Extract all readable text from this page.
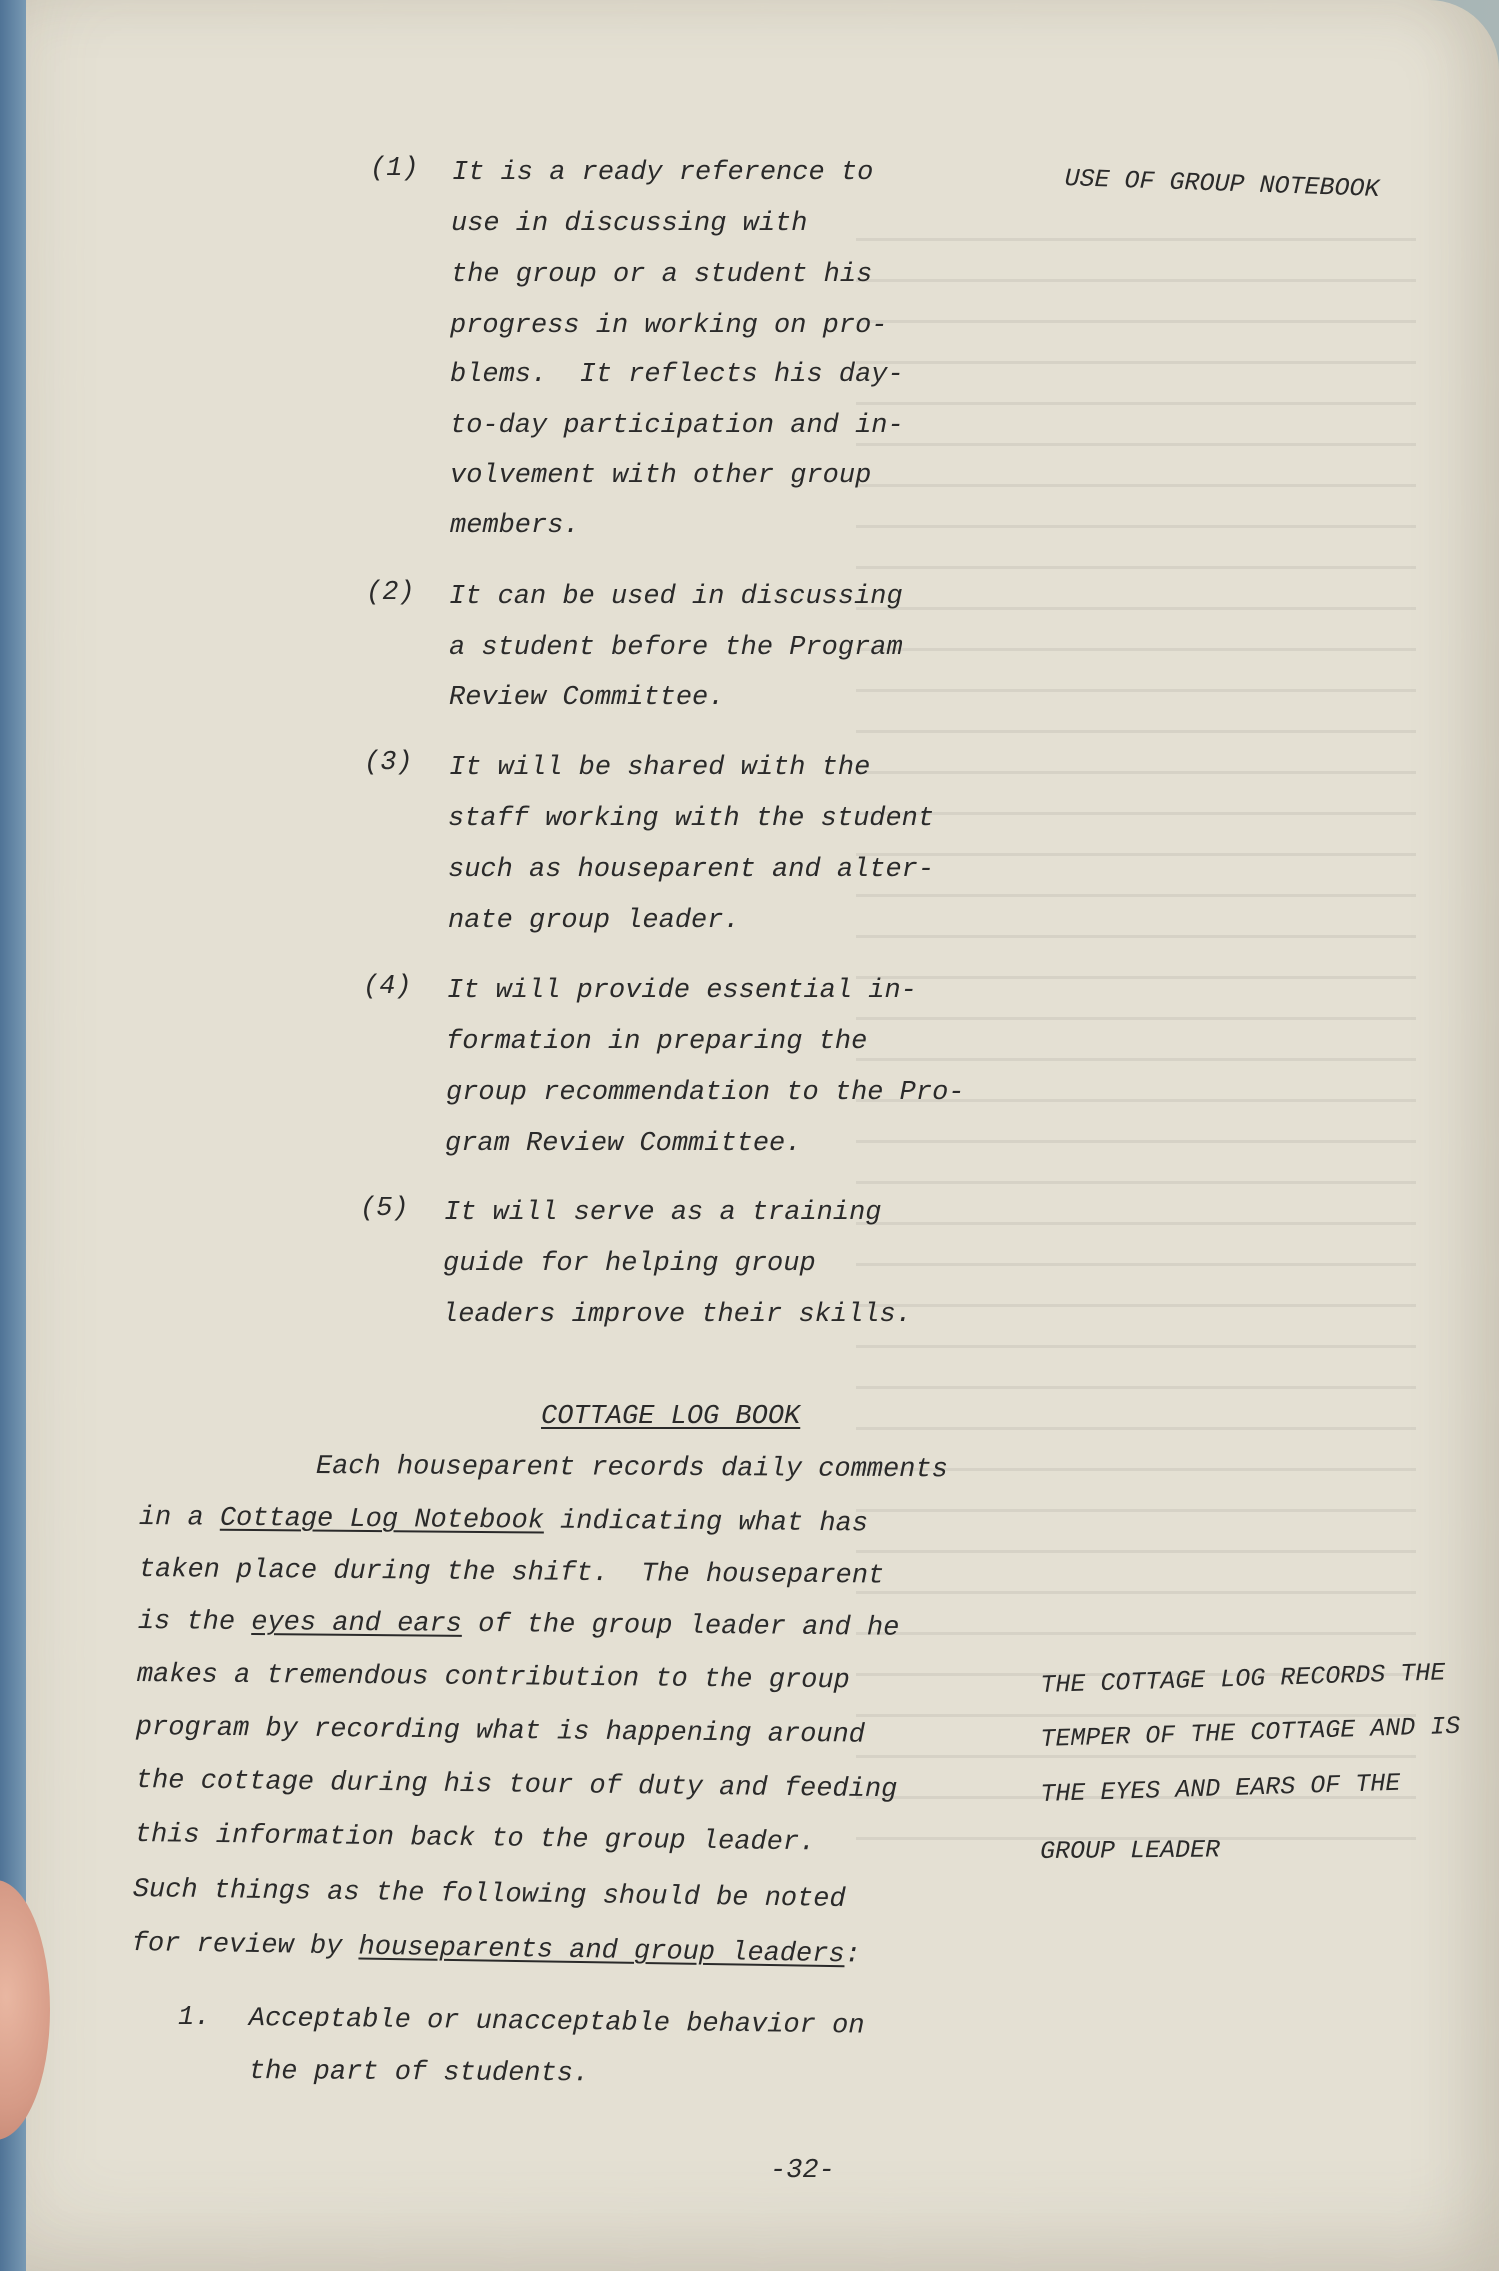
USE OF GROUP NOTEBOOK
(1) It is a ready reference to
use in discussing with
the group or a student his
progress in working on pro-
blems.  It reflects his day-
to-day participation and in-
volvement with other group
members.
(2) It can be used in discussing
a student before the Program
Review Committee.
(3) It will be shared with the
staff working with the student
such as houseparent and alter-
nate group leader.
(4) It will provide essential in-
formation in preparing the
group recommendation to the Pro-
gram Review Committee.
(5) It will serve as a training
guide for helping group
leaders improve their skills.
COTTAGE LOG BOOK
Each houseparent records daily comments
in a Cottage Log Notebook indicating what has
taken place during the shift.  The houseparent
is the eyes and ears of the group leader and he
makes a tremendous contribution to the group
program by recording what is happening around
the cottage during his tour of duty and feeding
this information back to the group leader.
Such things as the following should be noted
for review by houseparents and group leaders:
THE COTTAGE LOG RECORDS THE
TEMPER OF THE COTTAGE AND IS
THE EYES AND EARS OF THE
GROUP LEADER
1. Acceptable or unacceptable behavior on
the part of students.
-32-
